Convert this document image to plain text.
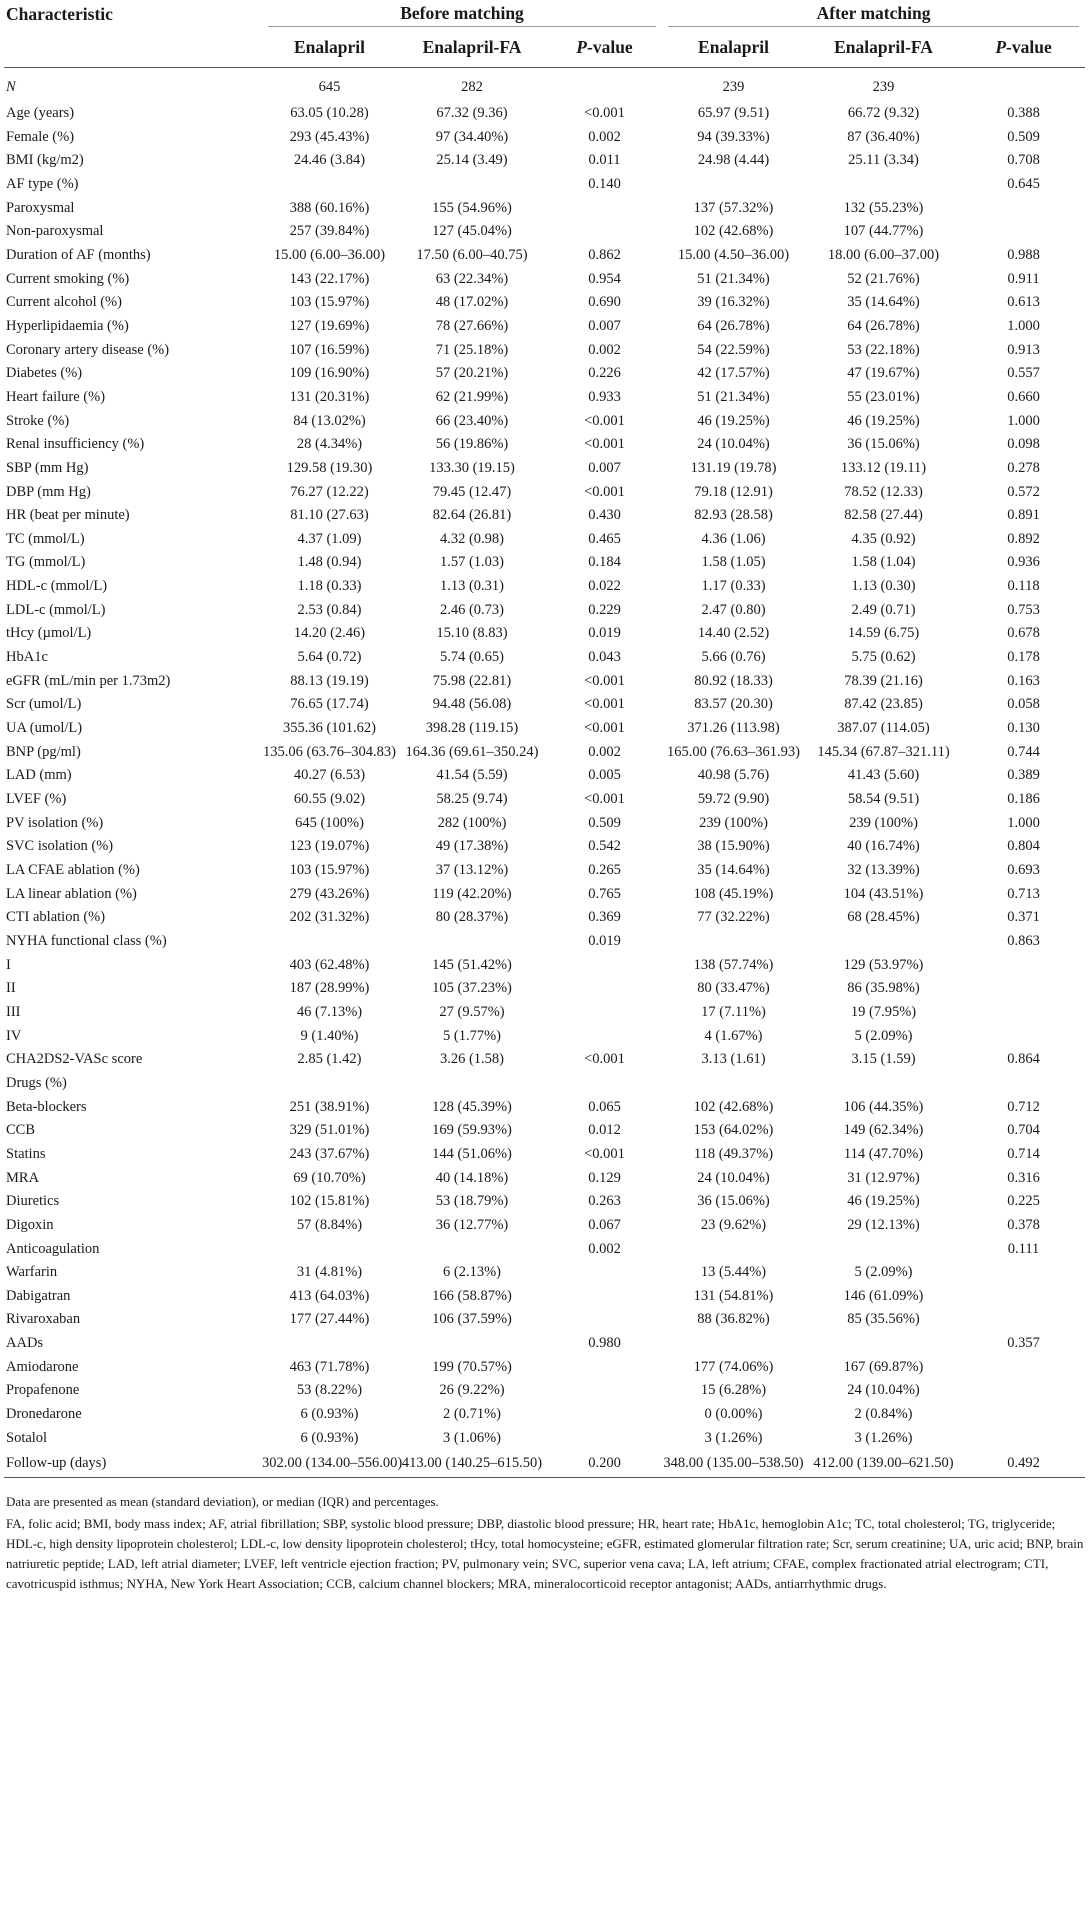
Characteristic	Before matching			After matching		

	Enalapril	Enalapril-FA	P-value	Enalapril	Enalapril-FA	P-value
N	645	282		239	239	
Age (years)	63.05 (10.28)	67.32 (9.36)	<0.001	65.97 (9.51)	66.72 (9.32)	0.388
Female (%)	293 (45.43%)	97 (34.40%)	0.002	94 (39.33%)	87 (36.40%)	0.509
BMI (kg/m2)	24.46 (3.84)	25.14 (3.49)	0.011	24.98 (4.44)	25.11 (3.34)	0.708
AF type (%)			0.140			0.645
Paroxysmal	388 (60.16%)	155 (54.96%)		137 (57.32%)	132 (55.23%)	
Non-paroxysmal	257 (39.84%)	127 (45.04%)		102 (42.68%)	107 (44.77%)	
Duration of AF (months)	15.00 (6.00–36.00)	17.50 (6.00–40.75)	0.862	15.00 (4.50–36.00)	18.00 (6.00–37.00)	0.988
Current smoking (%)	143 (22.17%)	63 (22.34%)	0.954	51 (21.34%)	52 (21.76%)	0.911
Current alcohol (%)	103 (15.97%)	48 (17.02%)	0.690	39 (16.32%)	35 (14.64%)	0.613
Hyperlipidaemia (%)	127 (19.69%)	78 (27.66%)	0.007	64 (26.78%)	64 (26.78%)	1.000
Coronary artery disease (%)	107 (16.59%)	71 (25.18%)	0.002	54 (22.59%)	53 (22.18%)	0.913
Diabetes (%)	109 (16.90%)	57 (20.21%)	0.226	42 (17.57%)	47 (19.67%)	0.557
Heart failure (%)	131 (20.31%)	62 (21.99%)	0.933	51 (21.34%)	55 (23.01%)	0.660
Stroke (%)	84 (13.02%)	66 (23.40%)	<0.001	46 (19.25%)	46 (19.25%)	1.000
Renal insufficiency (%)	28 (4.34%)	56 (19.86%)	<0.001	24 (10.04%)	36 (15.06%)	0.098
SBP (mm Hg)	129.58 (19.30)	133.30 (19.15)	0.007	131.19 (19.78)	133.12 (19.11)	0.278
DBP (mm Hg)	76.27 (12.22)	79.45 (12.47)	<0.001	79.18 (12.91)	78.52 (12.33)	0.572
HR (beat per minute)	81.10 (27.63)	82.64 (26.81)	0.430	82.93 (28.58)	82.58 (27.44)	0.891
TC (mmol/L)	4.37 (1.09)	4.32 (0.98)	0.465	4.36 (1.06)	4.35 (0.92)	0.892
TG (mmol/L)	1.48 (0.94)	1.57 (1.03)	0.184	1.58 (1.05)	1.58 (1.04)	0.936
HDL-c (mmol/L)	1.18 (0.33)	1.13 (0.31)	0.022	1.17 (0.33)	1.13 (0.30)	0.118
LDL-c (mmol/L)	2.53 (0.84)	2.46 (0.73)	0.229	2.47 (0.80)	2.49 (0.71)	0.753
tHcy (µmol/L)	14.20 (2.46)	15.10 (8.83)	0.019	14.40 (2.52)	14.59 (6.75)	0.678
HbA1c	5.64 (0.72)	5.74 (0.65)	0.043	5.66 (0.76)	5.75 (0.62)	0.178
eGFR (mL/min per 1.73m2)	88.13 (19.19)	75.98 (22.81)	<0.001	80.92 (18.33)	78.39 (21.16)	0.163
Scr (umol/L)	76.65 (17.74)	94.48 (56.08)	<0.001	83.57 (20.30)	87.42 (23.85)	0.058
UA (umol/L)	355.36 (101.62)	398.28 (119.15)	<0.001	371.26 (113.98)	387.07 (114.05)	0.130
BNP (pg/ml)	135.06 (63.76–304.83)	164.36 (69.61–350.24)	0.002	165.00 (76.63–361.93)	145.34 (67.87–321.11)	0.744
LAD (mm)	40.27 (6.53)	41.54 (5.59)	0.005	40.98 (5.76)	41.43 (5.60)	0.389
LVEF (%)	60.55 (9.02)	58.25 (9.74)	<0.001	59.72 (9.90)	58.54 (9.51)	0.186
PV isolation (%)	645 (100%)	282 (100%)	0.509	239 (100%)	239 (100%)	1.000
SVC isolation (%)	123 (19.07%)	49 (17.38%)	0.542	38 (15.90%)	40 (16.74%)	0.804
LA CFAE ablation (%)	103 (15.97%)	37 (13.12%)	0.265	35 (14.64%)	32 (13.39%)	0.693
LA linear ablation (%)	279 (43.26%)	119 (42.20%)	0.765	108 (45.19%)	104 (43.51%)	0.713
CTI ablation (%)	202 (31.32%)	80 (28.37%)	0.369	77 (32.22%)	68 (28.45%)	0.371
NYHA functional class (%)			0.019			0.863
I	403 (62.48%)	145 (51.42%)		138 (57.74%)	129 (53.97%)	
II	187 (28.99%)	105 (37.23%)		80 (33.47%)	86 (35.98%)	
III	46 (7.13%)	27 (9.57%)		17 (7.11%)	19 (7.95%)	
IV	9 (1.40%)	5 (1.77%)		4 (1.67%)	5 (2.09%)	
CHA2DS2-VASc score	2.85 (1.42)	3.26 (1.58)	<0.001	3.13 (1.61)	3.15 (1.59)	0.864
Drugs (%)						
Beta-blockers	251 (38.91%)	128 (45.39%)	0.065	102 (42.68%)	106 (44.35%)	0.712
CCB	329 (51.01%)	169 (59.93%)	0.012	153 (64.02%)	149 (62.34%)	0.704
Statins	243 (37.67%)	144 (51.06%)	<0.001	118 (49.37%)	114 (47.70%)	0.714
MRA	69 (10.70%)	40 (14.18%)	0.129	24 (10.04%)	31 (12.97%)	0.316
Diuretics	102 (15.81%)	53 (18.79%)	0.263	36 (15.06%)	46 (19.25%)	0.225
Digoxin	57 (8.84%)	36 (12.77%)	0.067	23 (9.62%)	29 (12.13%)	0.378
Anticoagulation			0.002			0.111
Warfarin	31 (4.81%)	6 (2.13%)		13 (5.44%)	5 (2.09%)	
Dabigatran	413 (64.03%)	166 (58.87%)		131 (54.81%)	146 (61.09%)	
Rivaroxaban	177 (27.44%)	106 (37.59%)		88 (36.82%)	85 (35.56%)	
AADs			0.980			0.357
Amiodarone	463 (71.78%)	199 (70.57%)		177 (74.06%)	167 (69.87%)	
Propafenone	53 (8.22%)	26 (9.22%)		15 (6.28%)	24 (10.04%)	
Dronedarone	6 (0.93%)	2 (0.71%)		0 (0.00%)	2 (0.84%)	
Sotalol	6 (0.93%)	3 (1.06%)		3 (1.26%)	3 (1.26%)	
Follow-up (days)	302.00 (134.00–556.00)	413.00 (140.25–615.50)	0.200	348.00 (135.00–538.50)	412.00 (139.00–621.50)	0.492

Data are presented as mean (standard deviation), or median (IQR) and percentages.

FA, folic acid; BMI, body mass index; AF, atrial fibrillation; SBP, systolic blood pressure; DBP, diastolic blood pressure; HR, heart rate; HbA1c, hemoglobin A1c; TC, total cholesterol; TG, triglyceride; HDL-c, high density lipoprotein cholesterol; LDL-c, low density lipoprotein cholesterol; tHcy, total homocysteine; eGFR, estimated glomerular filtration rate; Scr, serum creatinine; UA, uric acid; BNP, brain natriuretic peptide; LAD, left atrial diameter; LVEF, left ventricle ejection fraction; PV, pulmonary vein; SVC, superior vena cava; LA, left atrium; CFAE, complex fractionated atrial electrogram; CTI, cavotricuspid isthmus; NYHA, New York Heart Association; CCB, calcium channel blockers; MRA, mineralocorticoid receptor antagonist; AADs, antiarrhythmic drugs.
